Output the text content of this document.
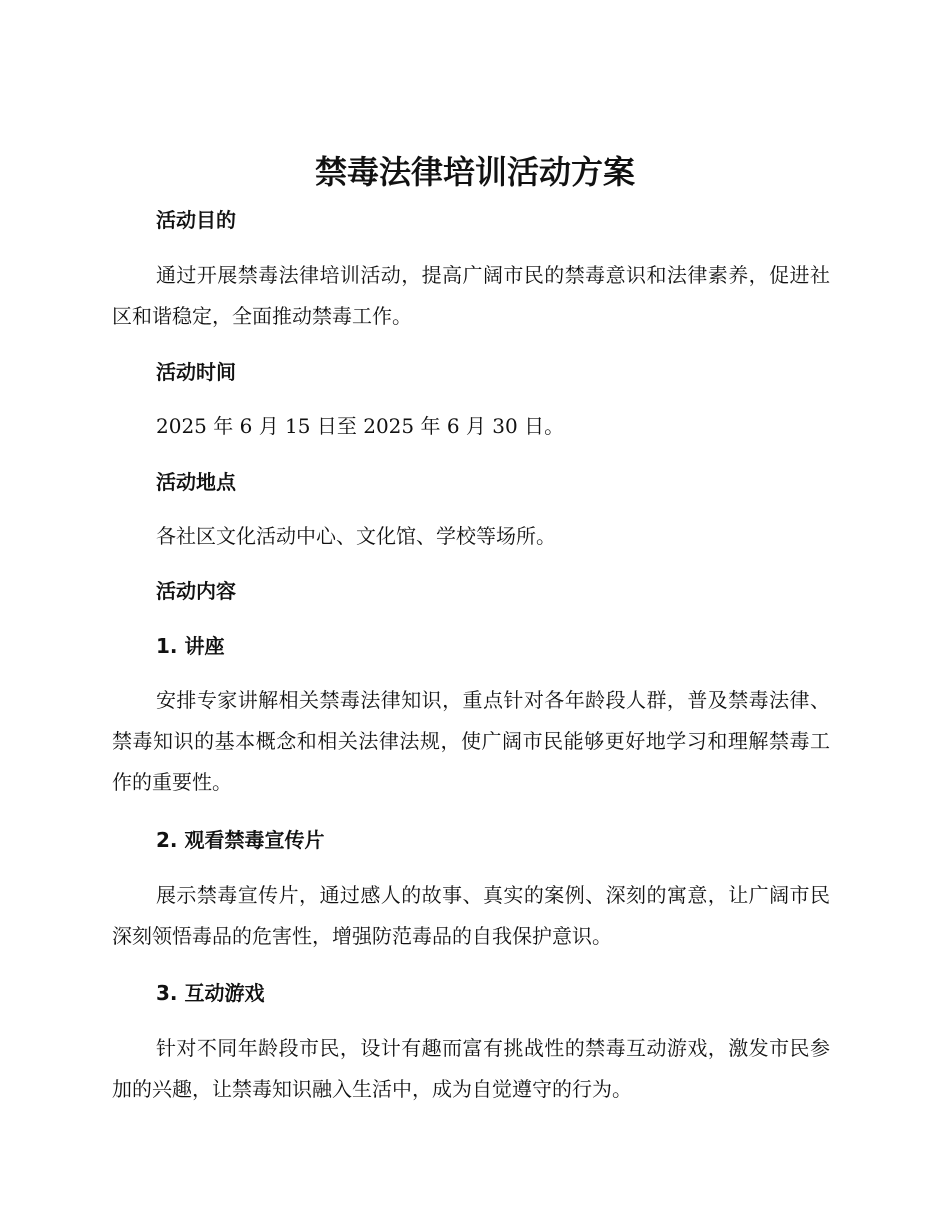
禁毒法律培训活动方案
活动目的

通过开展禁毒法律培训活动，提高广阔市民的禁毒意识和法律素养，促进社区和谐稳定，全面推动禁毒工作。

活动时间

2025 年 6 月 15 日至 2025 年 6 月 30 日。

活动地点

各社区文化活动中心、文化馆、学校等场所。

活动内容
1. 讲座

安排专家讲解相关禁毒法律知识，重点针对各年龄段人群，普及禁毒法律、禁毒知识的基本概念和相关法律法规，使广阔市民能够更好地学习和理解禁毒工作的重要性。

2. 观看禁毒宣传片

展示禁毒宣传片，通过感人的故事、真实的案例、深刻的寓意，让广阔市民深刻领悟毒品的危害性，增强防范毒品的自我保护意识。

3. 互动游戏

针对不同年龄段市民，设计有趣而富有挑战性的禁毒互动游戏，激发市民参加的兴趣，让禁毒知识融入生活中，成为自觉遵守的行为。
